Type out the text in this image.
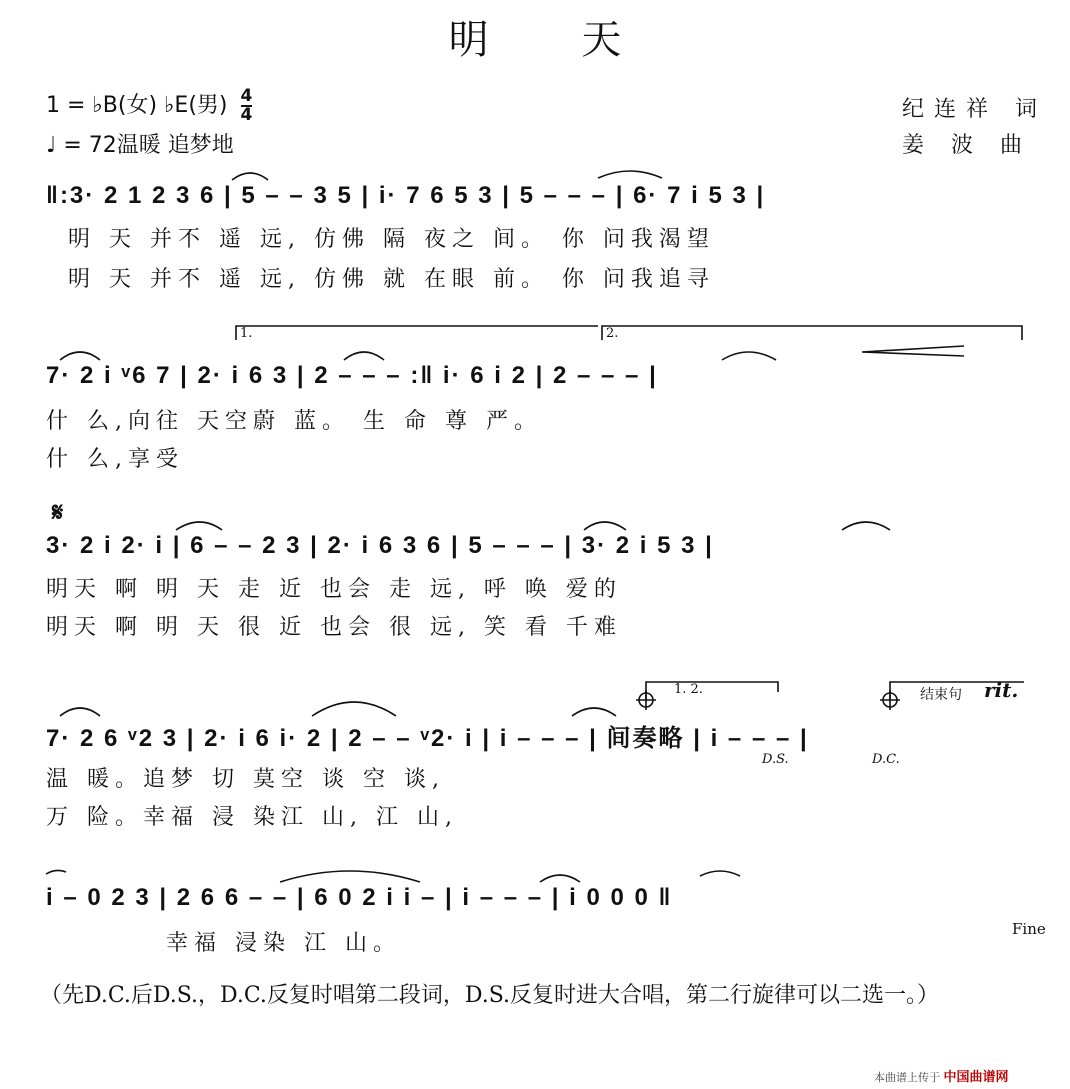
明 天
1 = ♭B(女) ♭E(男) $\frac{4}{4}$
♩ = 72温暖 追梦地
纪连祥 词
姜 波 曲
‖:3· 2 1 2 3 6 | 5 – – 3 5 | i· 7 6 5 3 | 5 – – – | 6· 7 i 5 3 |
明 天 并不 遥 远, 仿佛 隔 夜之 间。 你 问我渴望
明 天 并不 遥 远, 仿佛 就 在眼 前。 你 问我追寻
1.	2.
7· 2 i ᵛ6 7 | 2· i 6 3 | 2 – – – :‖ i· 6 i 2 | 2 – – – |
什 么,向往 天空蔚 蓝。 生 命 尊 严。
什 么,享受
𝄋
3· 2 i 2· i | 6 – – 2 3 | 2· i 6 3 6 | 5 – – – | 3· 2 i 5 3 |
明天 啊 明 天 走 近 也会 走 远, 呼 唤 爱的
明天 啊 明 天 很 近 也会 很 远, 笑 看 千难
1. 2.	结束句 rit.
7· 2 6 ᵛ2 3 | 2· i 6 i· 2 | 2 – – ᵛ2· i | i – – – | 间奏略 | i – – – |
D.S.	D.C.
温 暖。追梦 切 莫空 谈 空 谈,
万 险。幸福 浸 染江 山, 江 山,
i – 0 2 3 | 2 6 6 – – | 6 0 2 i i – | i – – – | i 0 0 0 ‖
幸福 浸染 江 山。
Fine
（先D.C.后D.S.，D.C.反复时唱第二段词，D.S.反复时进大合唱，第二行旋律可以二选一。）
本曲谱上传于 中国曲谱网
